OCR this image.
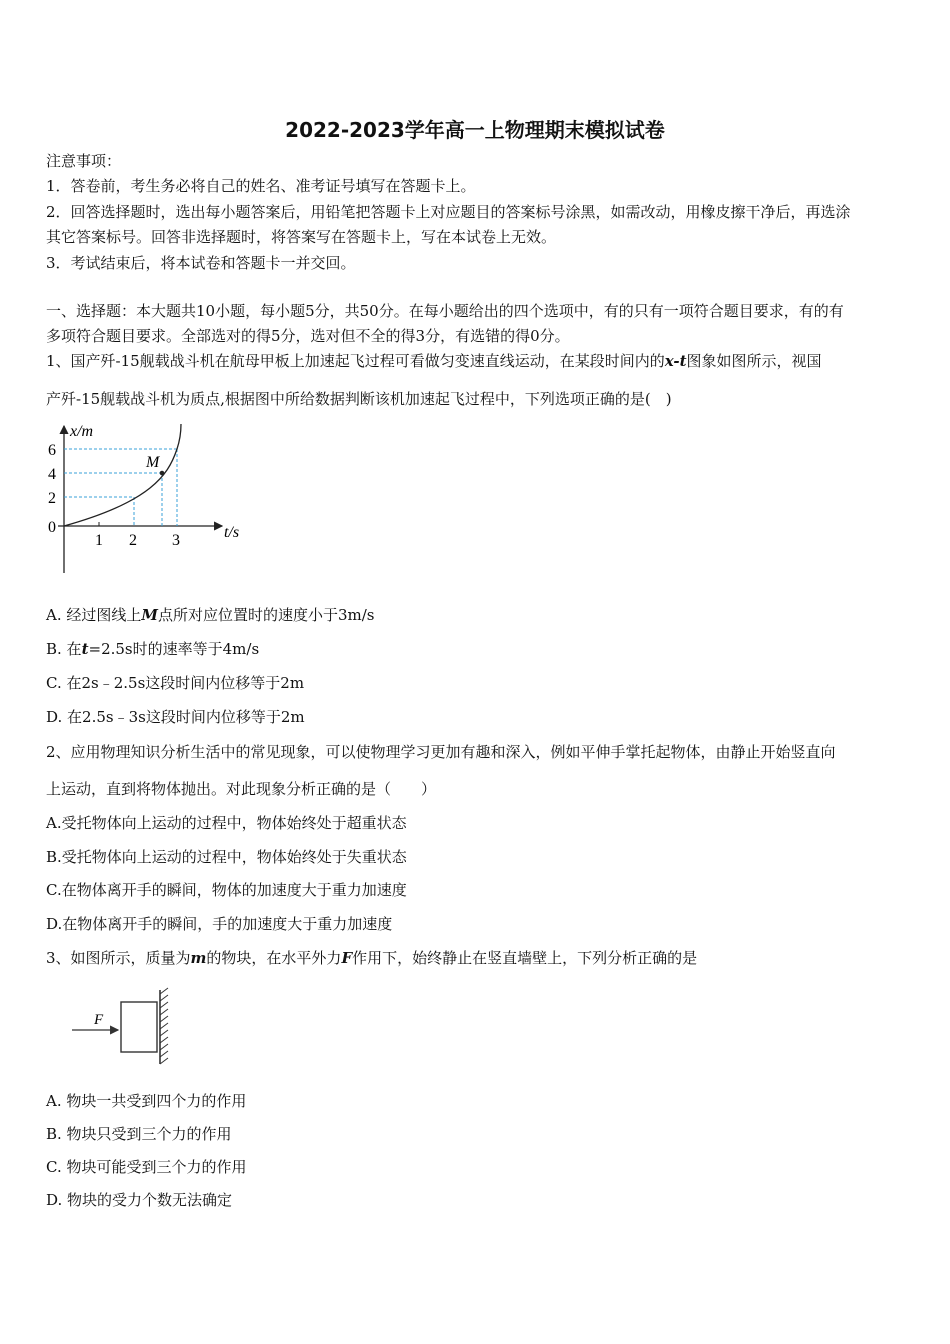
2022-2023学年高一上物理期末模拟试卷
注意事项：
1．答卷前，考生务必将自己的姓名、准考证号填写在答题卡上。
2．回答选择题时，选出每小题答案后，用铅笔把答题卡上对应题目的答案标号涂黑，如需改动，用橡皮擦干净后，再选涂
其它答案标号。回答非选择题时，将答案写在答题卡上，写在本试卷上无效。
3．考试结束后，将本试卷和答题卡一并交回。
一、选择题：本大题共10小题，每小题5分，共50分。在每小题给出的四个选项中，有的只有一项符合题目要求，有的有
多项符合题目要求。全部选对的得5分，选对但不全的得3分，有选错的得0分。
1、国产歼-15舰载战斗机在航母甲板上加速起飞过程可看做匀变速直线运动，在某段时间内的x-t图象如图所示，视国
产歼-15舰载战斗机为质点,根据图中所给数据判断该机加速起飞过程中，下列选项正确的是(　)
M
x/m
t/s
6
4
2
0
1 2 3
A. 经过图线上M点所对应位置时的速度小于3m/s
B. 在t=2.5s时的速率等于4m/s
C. 在2s﹣2.5s这段时间内位移等于2m
D. 在2.5s﹣3s这段时间内位移等于2m
2、应用物理知识分析生活中的常见现象，可以使物理学习更加有趣和深入，例如平伸手掌托起物体，由静止开始竖直向
上运动，直到将物体抛出。对此现象分析正确的是（　　）
A.受托物体向上运动的过程中，物体始终处于超重状态
B.受托物体向上运动的过程中，物体始终处于失重状态
C.在物体离开手的瞬间，物体的加速度大于重力加速度
D.在物体离开手的瞬间，手的加速度大于重力加速度
3、如图所示，质量为m的物块，在水平外力F作用下，始终静止在竖直墙壁上，下列分析正确的是
F
A. 物块一共受到四个力的作用
B. 物块只受到三个力的作用
C. 物块可能受到三个力的作用
D. 物块的受力个数无法确定
